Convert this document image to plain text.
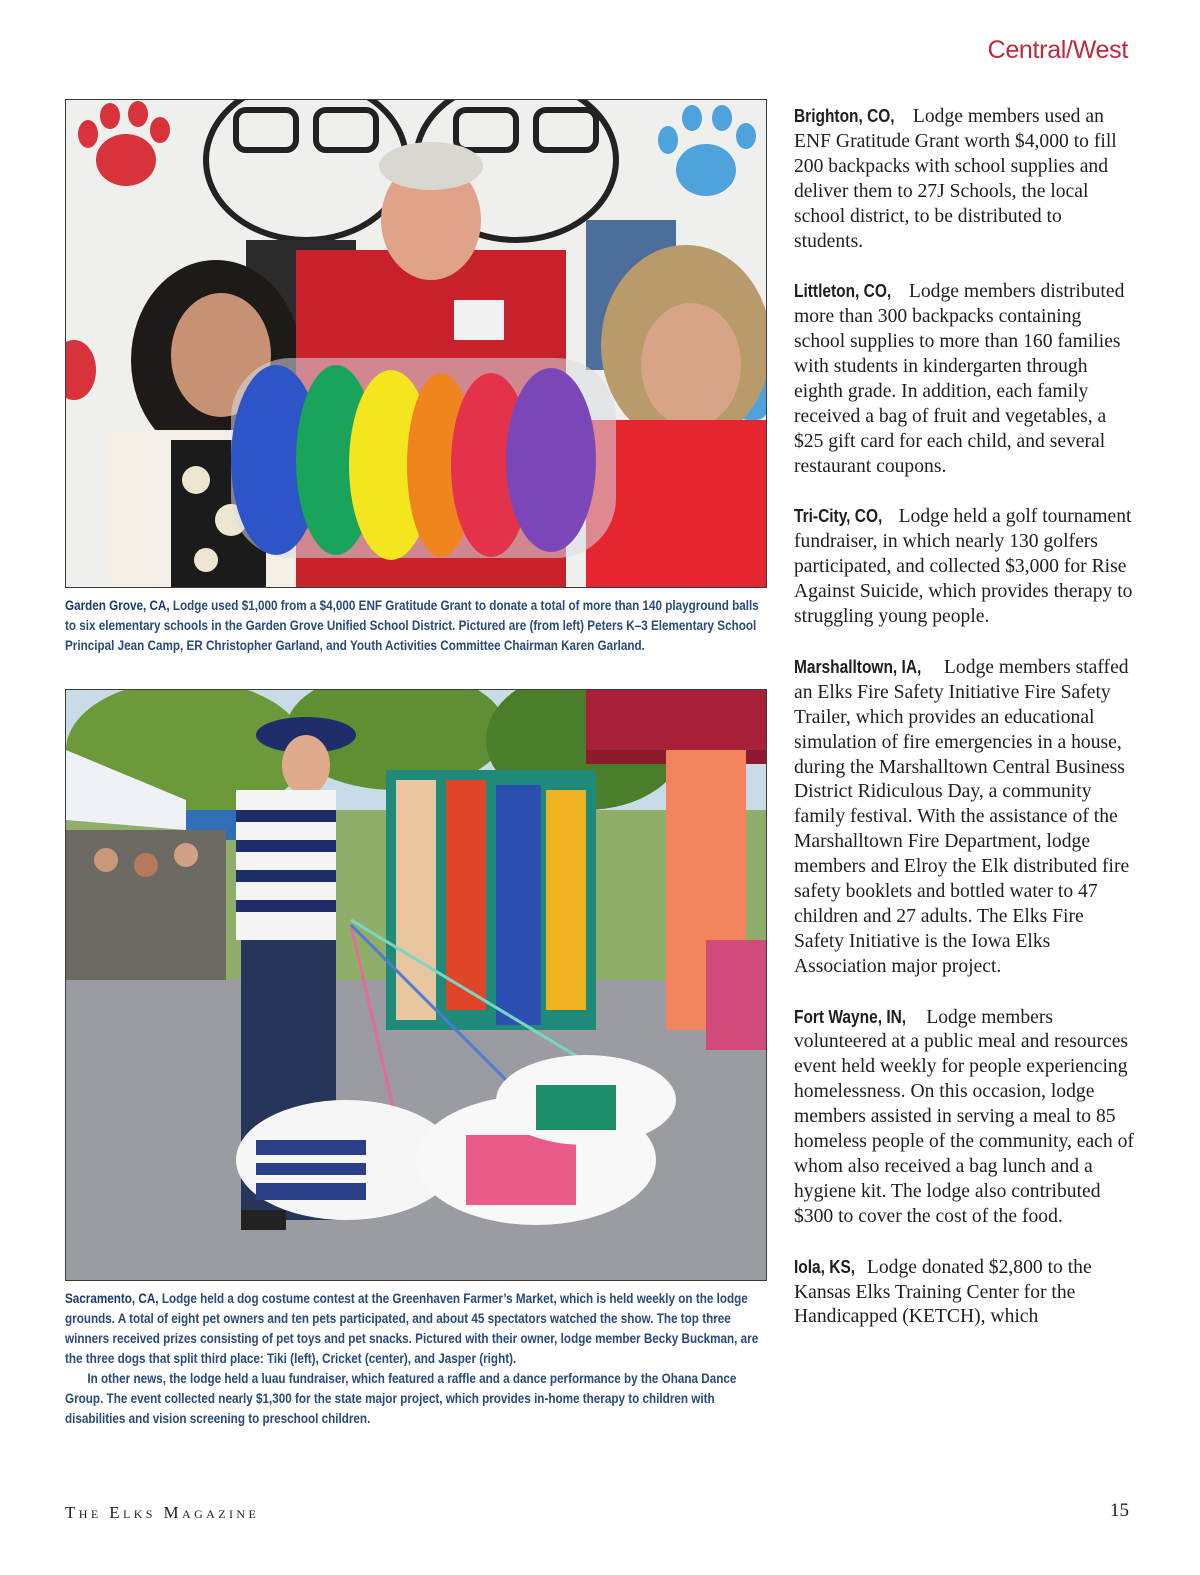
Central/West
Garden Grove, CA, Lodge used $1,000 from a $4,000 ENF Gratitude Grant to donate a total of more than 140 playground balls to six elementary schools in the Garden Grove Unified School District. Pictured are (from left) Peters K–3 Elementary School Principal Jean Camp, ER Christopher Garland, and Youth Activities Committee Chairman Karen Garland.
Sacramento, CA, Lodge held a dog costume contest at the Greenhaven Farmer’s Market, which is held weekly on the lodge grounds. A total of eight pet owners and ten pets participated, and about 45 spectators watched the show. The top three winners received prizes consisting of pet toys and pet snacks. Pictured with their owner, lodge member Becky Buckman, are the three dogs that split third place: Tiki (left), Cricket (center), and Jasper (right).
In other news, the lodge held a luau fundraiser, which featured a raffle and a dance performance by the Ohana Dance Group. The event collected nearly $1,300 for the state major project, which provides in-home therapy to children with disabilities and vision screening to preschool children.
Brighton, CO, Lodge members used an ENF Gratitude Grant worth $4,000 to fill 200 backpacks with school supplies and deliver them to 27J Schools, the local school district, to be distributed to students.
Littleton, CO, Lodge members distributed more than 300 backpacks containing school supplies to more than 160 families with students in kindergarten through eighth grade. In addition, each family received a bag of fruit and vegetables, a $25 gift card for each child, and several restaurant coupons.
Tri-City, CO, Lodge held a golf tournament fundraiser, in which nearly 130 golfers participated, and collected $3,000 for Rise Against Suicide, which provides therapy to struggling young people.
Marshalltown, IA, Lodge members staffed an Elks Fire Safety Initiative Fire Safety Trailer, which provides an educational simulation of fire emergencies in a house, during the Marshalltown Central Business District Ridiculous Day, a community family festival. With the assistance of the Marshalltown Fire Department, lodge members and Elroy the Elk distributed fire safety booklets and bottled water to 47 children and 27 adults. The Elks Fire Safety Initiative is the Iowa Elks Association major project.
Fort Wayne, IN, Lodge members volunteered at a public meal and resources event held weekly for people experiencing homelessness. On this occasion, lodge members assisted in serving a meal to 85 homeless people of the community, each of whom also received a bag lunch and a hygiene kit. The lodge also contributed $300 to cover the cost of the food.
Iola, KS, Lodge donated $2,800 to the Kansas Elks Training Center for the Handicapped (KETCH), which
The Elks Magazine	15
